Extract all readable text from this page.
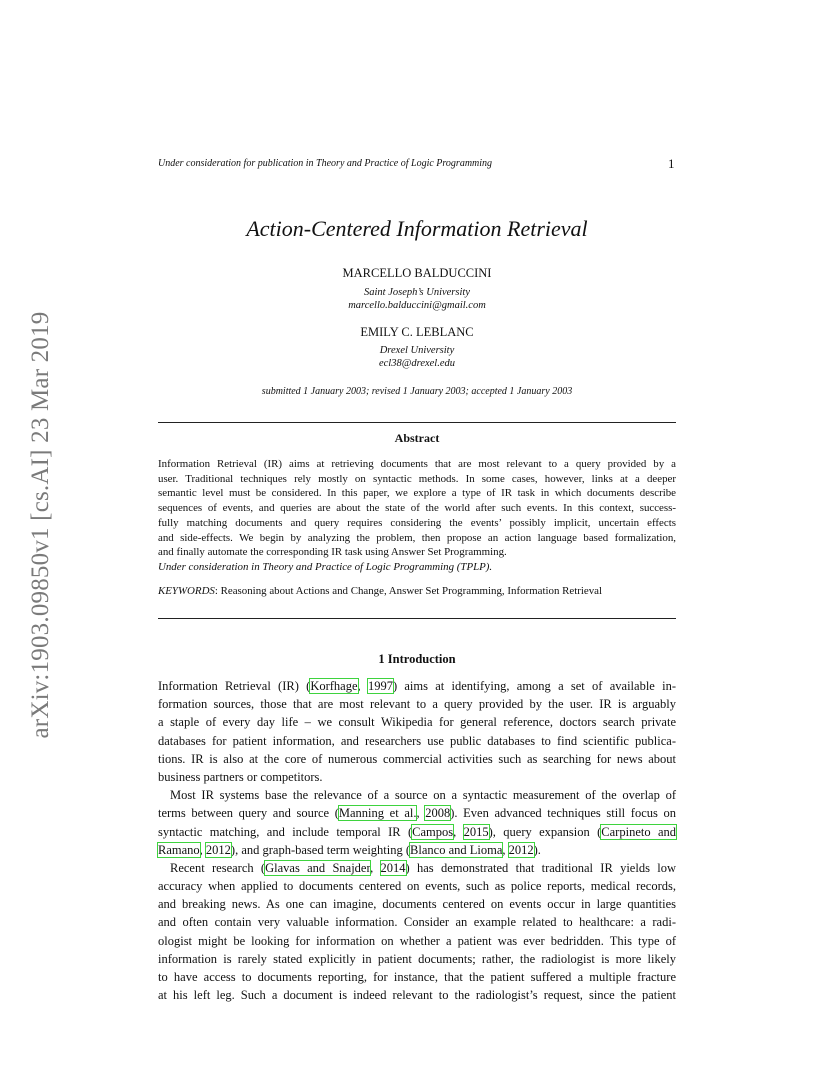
arXiv:1903.09850v1 [cs.AI] 23 Mar 2019
Under consideration for publication in Theory and Practice of Logic Programming	1
Action-Centered Information Retrieval
MARCELLO BALDUCCINI
Saint Joseph’s University
marcello.balduccini@gmail.com
EMILY C. LEBLANC
Drexel University
ecl38@drexel.edu
submitted 1 January 2003; revised 1 January 2003; accepted 1 January 2003
Abstract
Information Retrieval (IR) aims at retrieving documents that are most relevant to a query provided by a
user. Traditional techniques rely mostly on syntactic methods. In some cases, however, links at a deeper
semantic level must be considered. In this paper, we explore a type of IR task in which documents describe
sequences of events, and queries are about the state of the world after such events. In this context, success-
fully matching documents and query requires considering the events’ possibly implicit, uncertain effects
and side-effects. We begin by analyzing the problem, then propose an action language based formalization,
and finally automate the corresponding IR task using Answer Set Programming.
Under consideration in Theory and Practice of Logic Programming (TPLP).
KEYWORDS: Reasoning about Actions and Change, Answer Set Programming, Information Retrieval
1 Introduction
Information Retrieval (IR) (Korfhage, 1997) aims at identifying, among a set of available in-
formation sources, those that are most relevant to a query provided by the user. IR is arguably
a staple of every day life – we consult Wikipedia for general reference, doctors search private
databases for patient information, and researchers use public databases to find scientific publica-
tions. IR is also at the core of numerous commercial activities such as searching for news about
business partners or competitors.
Most IR systems base the relevance of a source on a syntactic measurement of the overlap of
terms between query and source (Manning et al., 2008). Even advanced techniques still focus on
syntactic matching, and include temporal IR (Campos, 2015), query expansion (Carpineto and
Ramano, 2012), and graph-based term weighting (Blanco and Lioma, 2012).
Recent research (Glavas and Snajder, 2014) has demonstrated that traditional IR yields low
accuracy when applied to documents centered on events, such as police reports, medical records,
and breaking news. As one can imagine, documents centered on events occur in large quantities
and often contain very valuable information. Consider an example related to healthcare: a radi-
ologist might be looking for information on whether a patient was ever bedridden. This type of
information is rarely stated explicitly in patient documents; rather, the radiologist is more likely
to have access to documents reporting, for instance, that the patient suffered a multiple fracture
at his left leg. Such a document is indeed relevant to the radiologist’s request, since the patient
